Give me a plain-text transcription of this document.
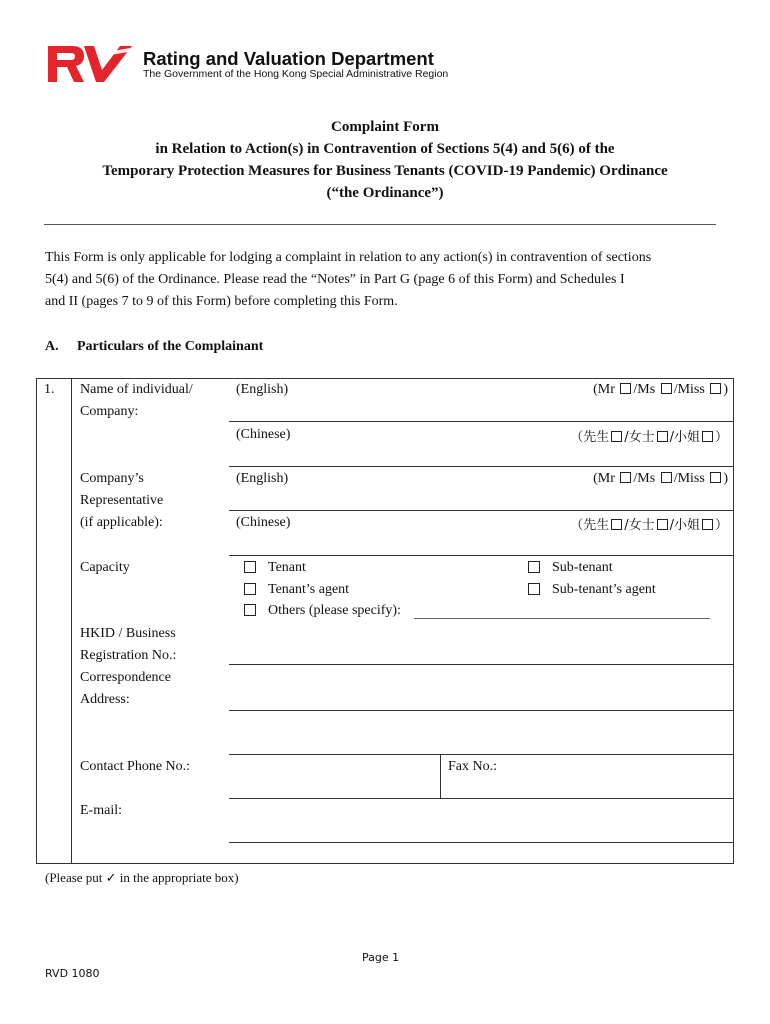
Rating and Valuation Department
The Government of the Hong Kong Special Administrative Region
Complaint Form
in Relation to Action(s) in Contravention of Sections 5(4) and 5(6) of the
Temporary Protection Measures for Business Tenants (COVID-19 Pandemic) Ordinance
(“the Ordinance”)
This Form is only applicable for lodging a complaint in relation to any action(s) in contravention of sections
5(4) and 5(6) of the Ordinance. Please read the “Notes” in Part G (page 6 of this Form) and Schedules I
and II (pages 7 to 9 of this Form) before completing this Form.
A. Particulars of the Complainant
1. Name of individual/
Company:
(English)	(Mr /Ms /Miss )
(Chinese)	（先生 /女士 /小姐 ）
Company’s
Representative
(if applicable):
(English)	(Mr /Ms /Miss )
(Chinese)	（先生 /女士 /小姐 ）
Capacity	Tenant	Sub-tenant
Tenant’s agent	Sub-tenant’s agent
Others (please specify):
HKID / Business
Registration No.:
Correspondence
Address:
Contact Phone No.:	Fax No.:
E-mail:
(Please put ✓ in the appropriate box)
Page 1
RVD 1080
